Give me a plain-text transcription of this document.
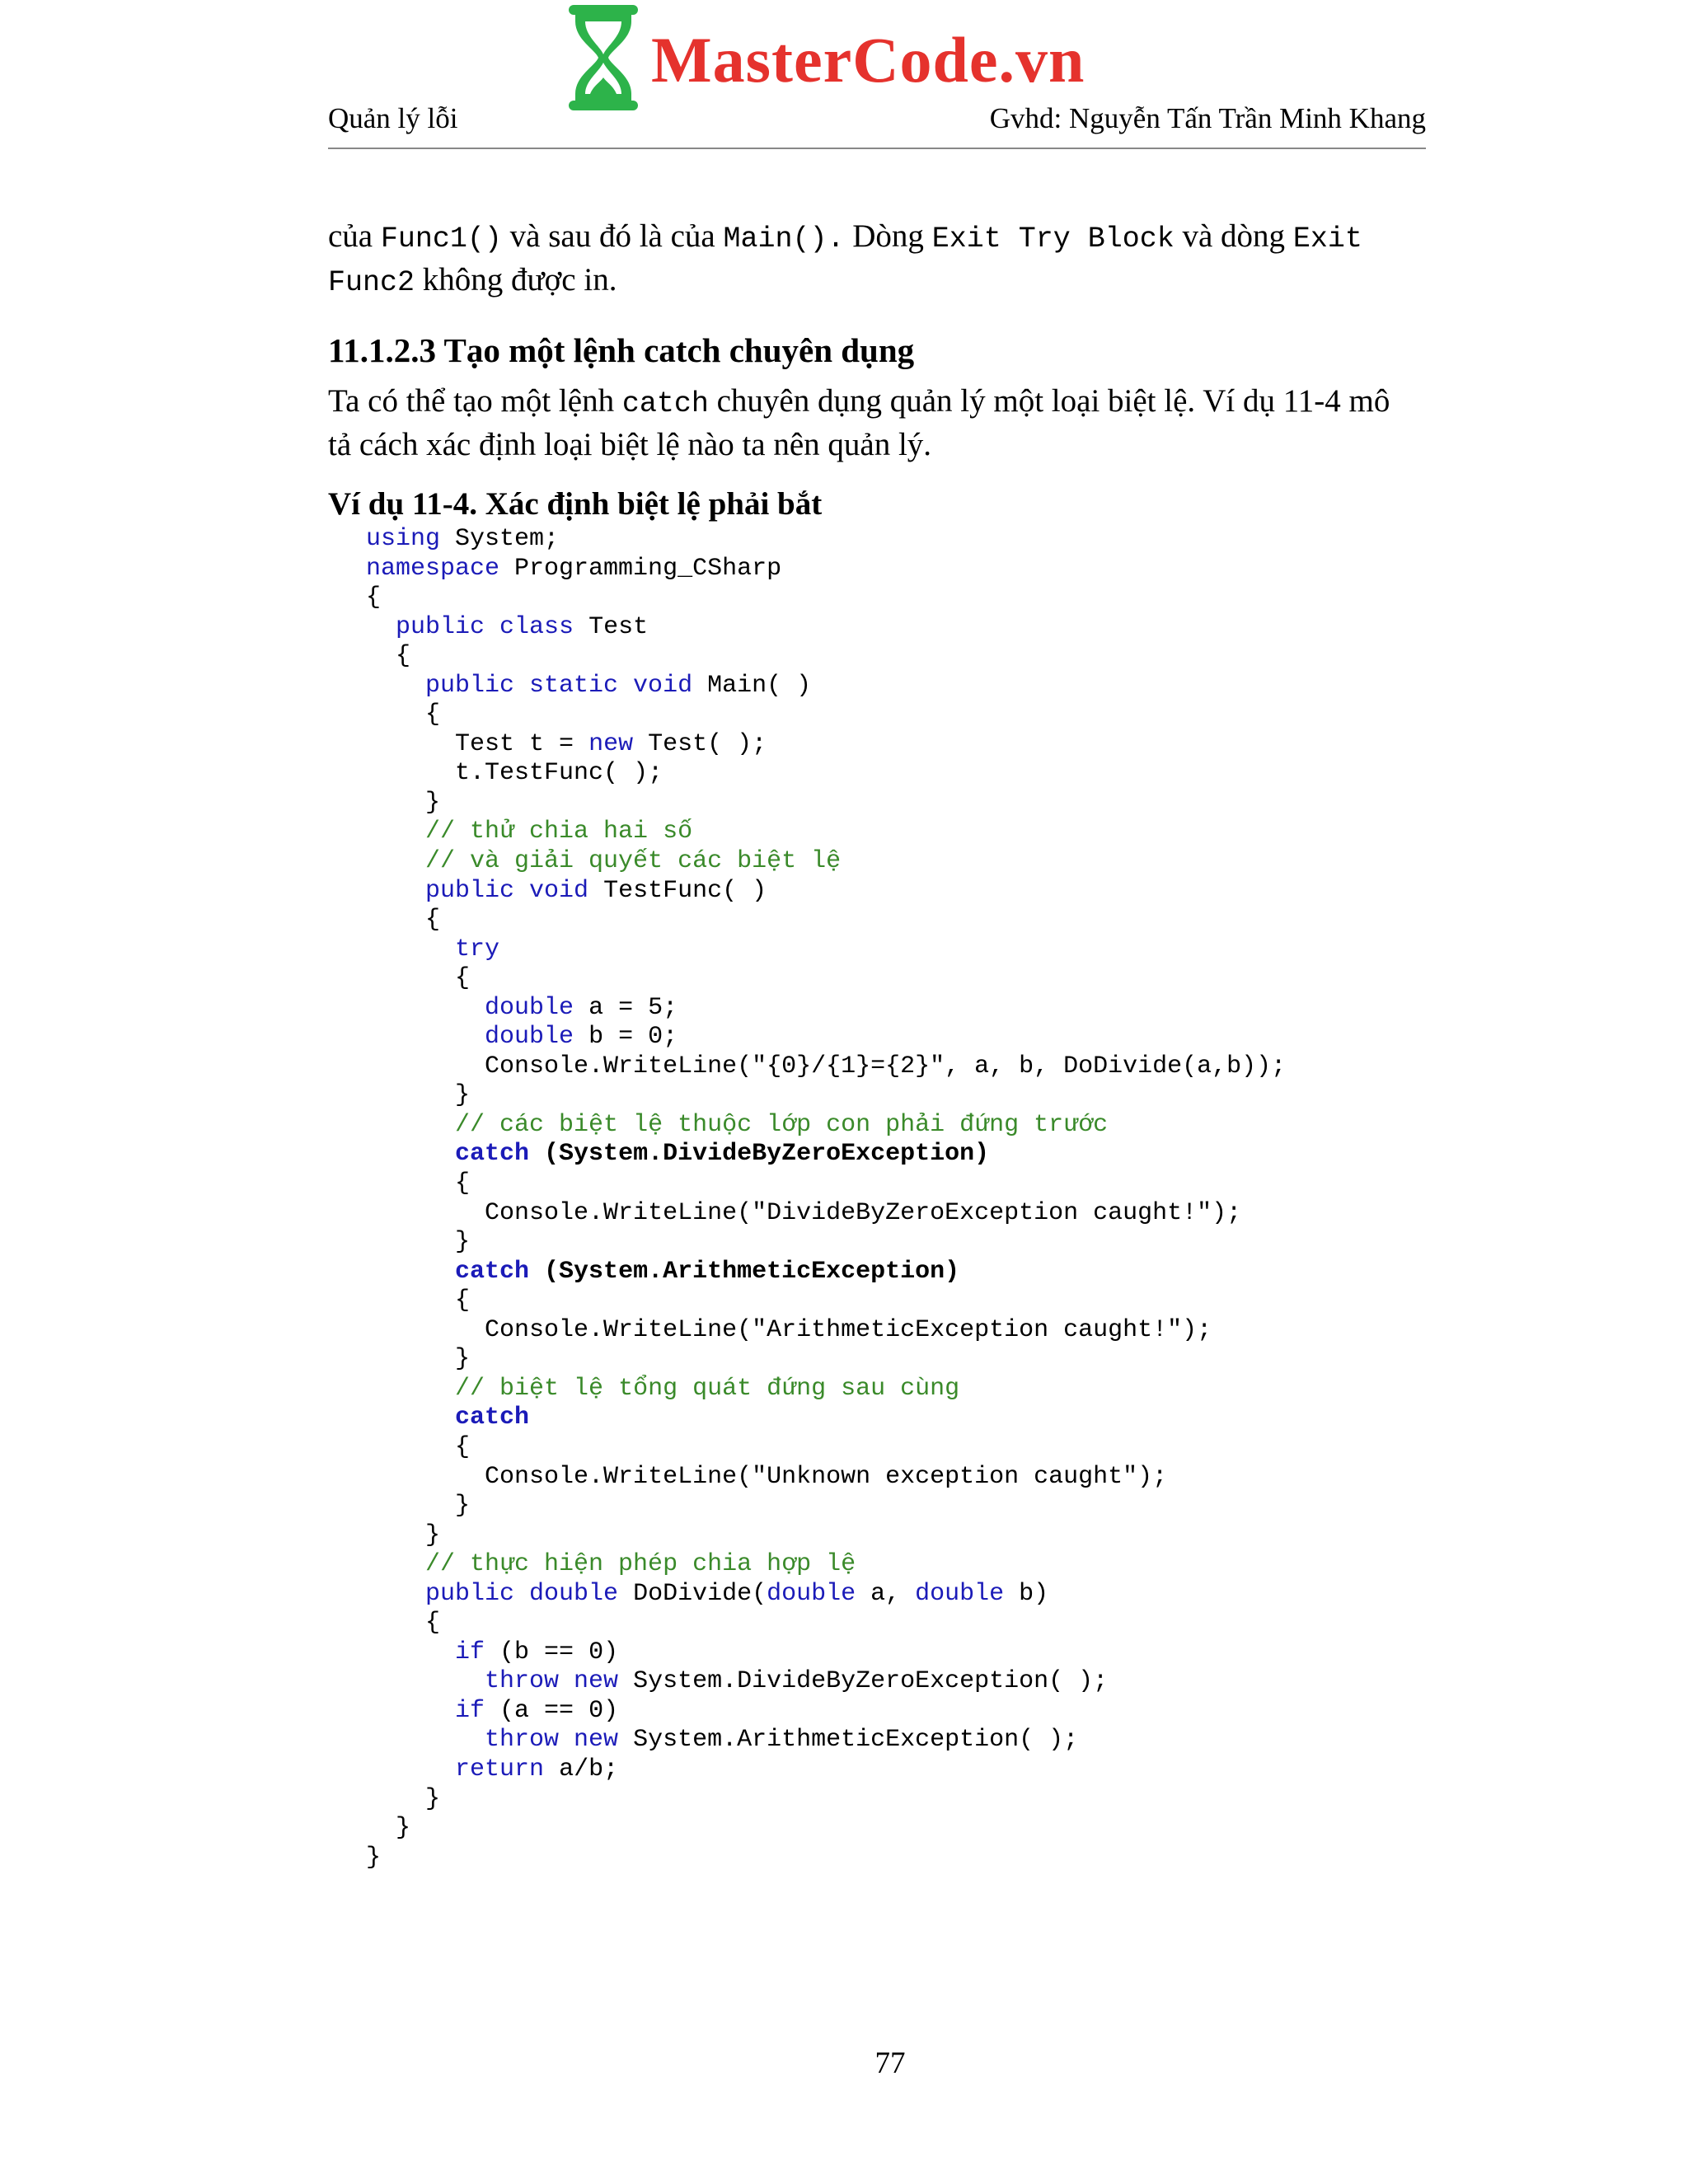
MasterCode.vn
Quản lý lỗi	Gvhd: Nguyễn Tấn Trần Minh Khang

của Func1() và sau đó là của Main(). Dòng Exit Try Block và dòng Exit
Func2 không được in.

11.1.2.3 Tạo một lệnh catch chuyên dụng

Ta có thể tạo một lệnh catch chuyên dụng quản lý một loại biệt lệ. Ví dụ 11-4 mô
tả cách xác định loại biệt lệ nào ta nên quản lý.

Ví dụ 11-4. Xác định biệt lệ phải bắt
using System;
namespace Programming_CSharp
{
public class Test
{
public static void Main( )
{
Test t = new Test( );
t.TestFunc( );
}
// thử chia hai số
// và giải quyết các biệt lệ
public void TestFunc( )
{
try
{
double a = 5;
double b = 0;
Console.WriteLine("{0}/{1}={2}", a, b, DoDivide(a,b));
}
// các biệt lệ thuộc lớp con phải đứng trước
catch (System.DivideByZeroException)
{
Console.WriteLine("DivideByZeroException caught!");
}
catch (System.ArithmeticException)
{
Console.WriteLine("ArithmeticException caught!");
}
// biệt lệ tổng quát đứng sau cùng
catch
{
Console.WriteLine("Unknown exception caught");
}
}
// thực hiện phép chia hợp lệ
public double DoDivide(double a, double b)
{
if (b == 0)
throw new System.DivideByZeroException( );
if (a == 0)
throw new System.ArithmeticException( );
return a/b;
}
}
}
77
